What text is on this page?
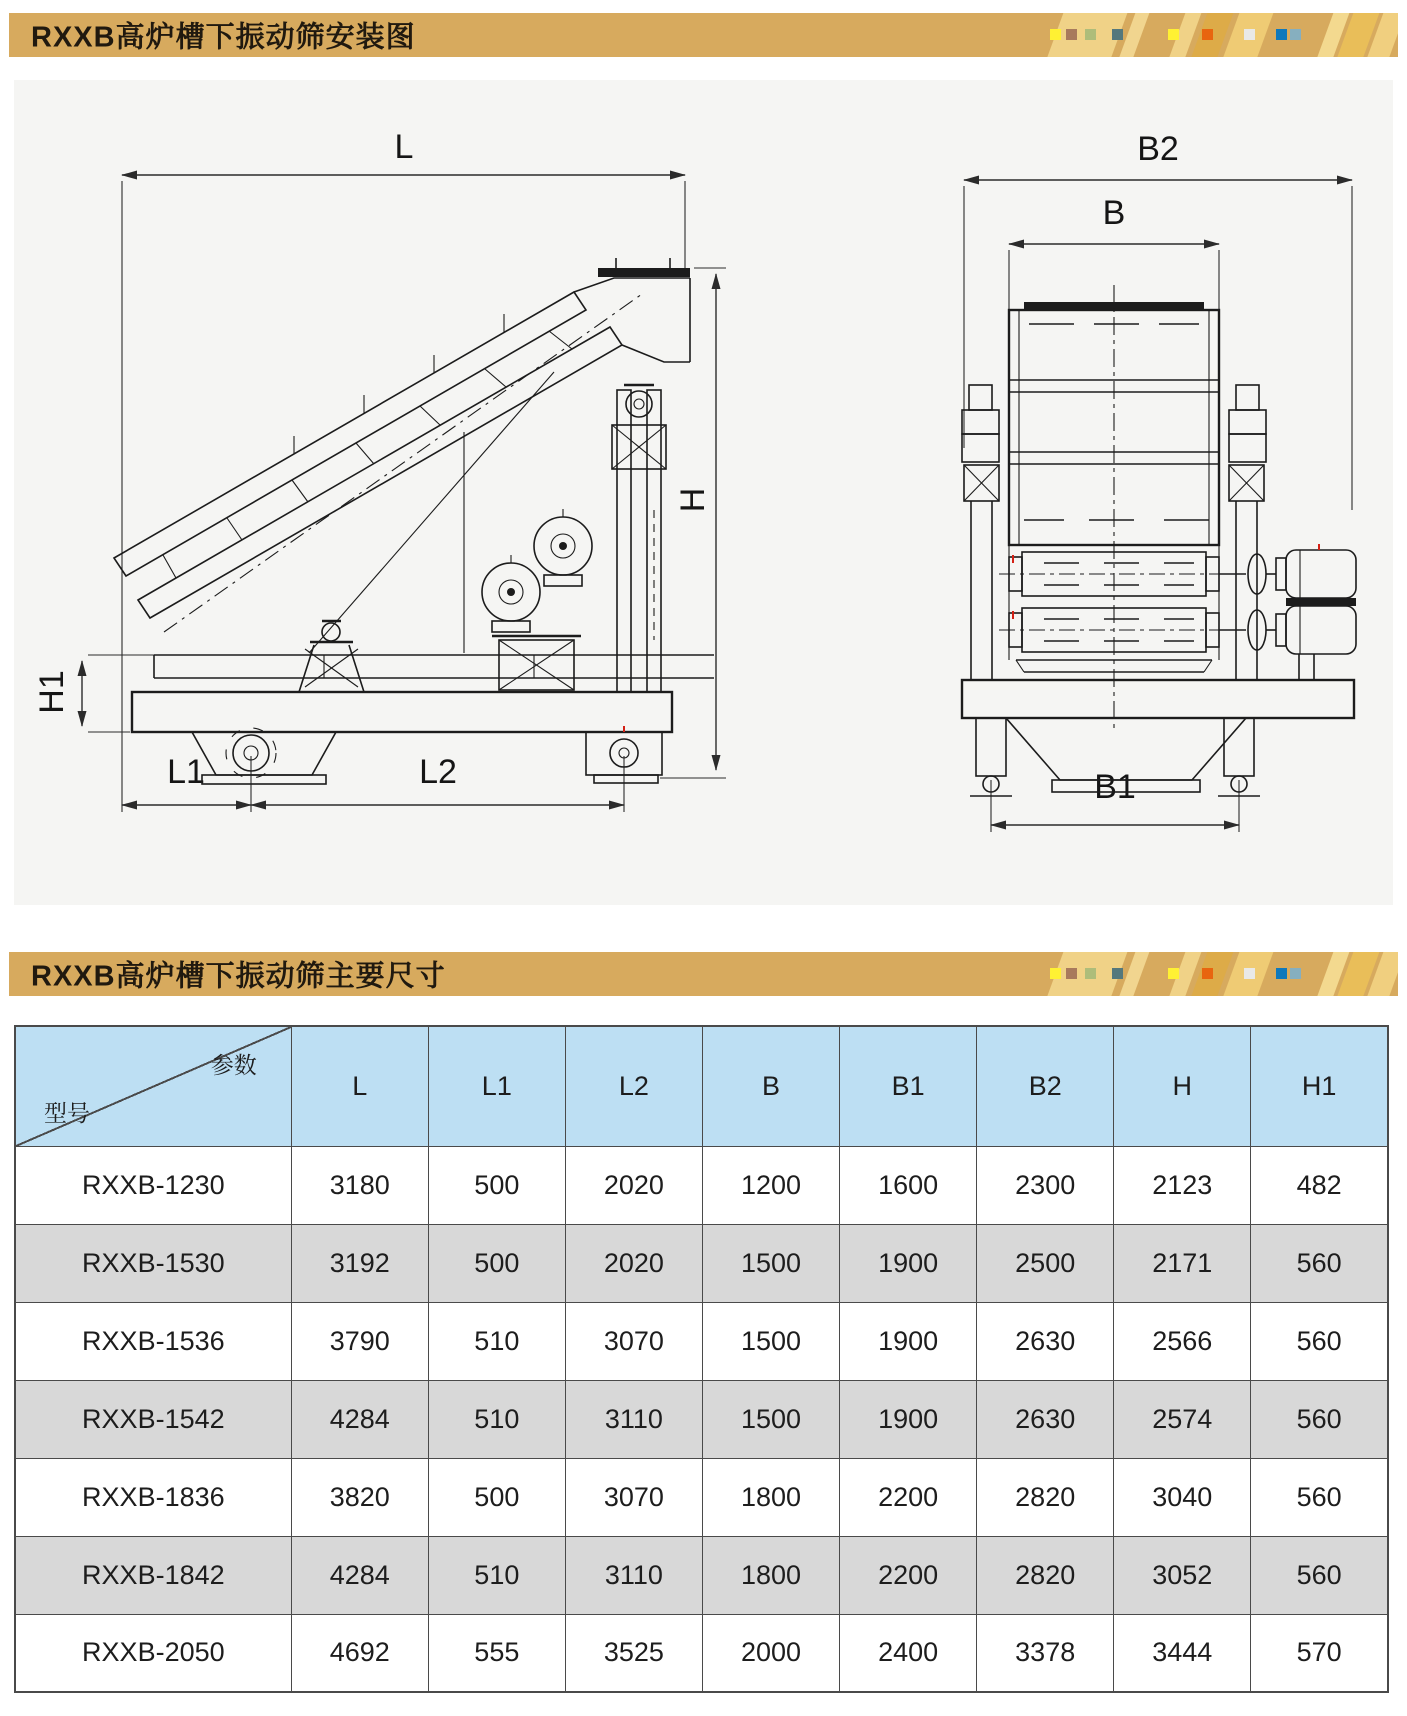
RXXB高炉槽下振动筛安装图
L
H
H1
L1	L2
B2
B
B1
RXXB高炉槽下振动筛主要尺寸
参数
型号	L	L1	L2	B	B1	B2	H	H1
RXXB-1230	3180	500	2020	1200	1600	2300	2123	482
RXXB-1530	3192	500	2020	1500	1900	2500	2171	560
RXXB-1536	3790	510	3070	1500	1900	2630	2566	560
RXXB-1542	4284	510	3110	1500	1900	2630	2574	560
RXXB-1836	3820	500	3070	1800	2200	2820	3040	560
RXXB-1842	4284	510	3110	1800	2200	2820	3052	560
RXXB-2050	4692	555	3525	2000	2400	3378	3444	570
